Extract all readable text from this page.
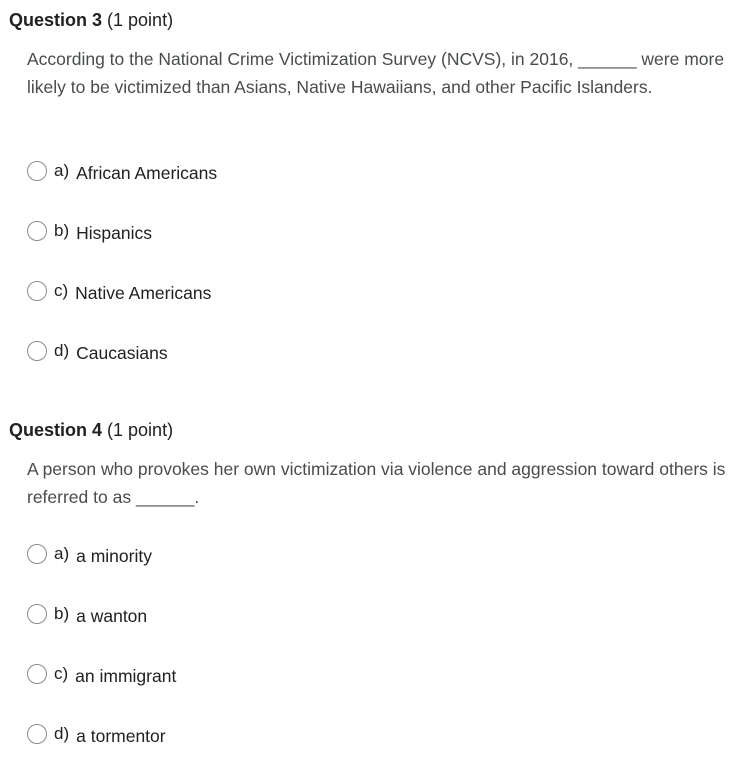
Question 3 (1 point)
According to the National Crime Victimization Survey (NCVS), in 2016, ______ were more likely to be victimized than Asians, Native Hawaiians, and other Pacific Islanders.
a) African Americans
b) Hispanics
c) Native Americans
d) Caucasians
Question 4 (1 point)
A person who provokes her own victimization via violence and aggression toward others is referred to as ______.
a) a minority
b) a wanton
c) an immigrant
d) a tormentor
